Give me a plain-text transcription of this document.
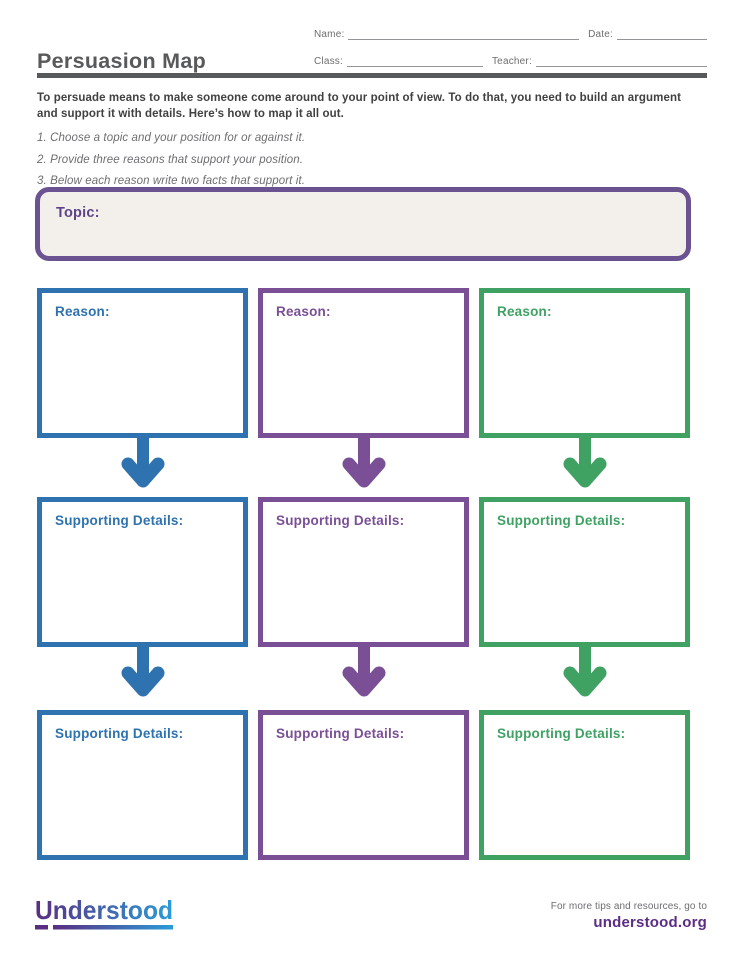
Persuasion Map
Name:	Date:
Class:	Teacher:
To persuade means to make someone come around to your point of view. To do that, you need to build an argument and support it with details. Here’s how to map it all out.
1. Choose a topic and your position for or against it.
2. Provide three reasons that support your position.
3. Below each reason write two facts that support it.
Topic:
Reason:	Reason:	Reason:
Supporting Details:	Supporting Details:	Supporting Details:
Supporting Details:	Supporting Details:	Supporting Details:
Understood	For more tips and resources, go to
understood.org
